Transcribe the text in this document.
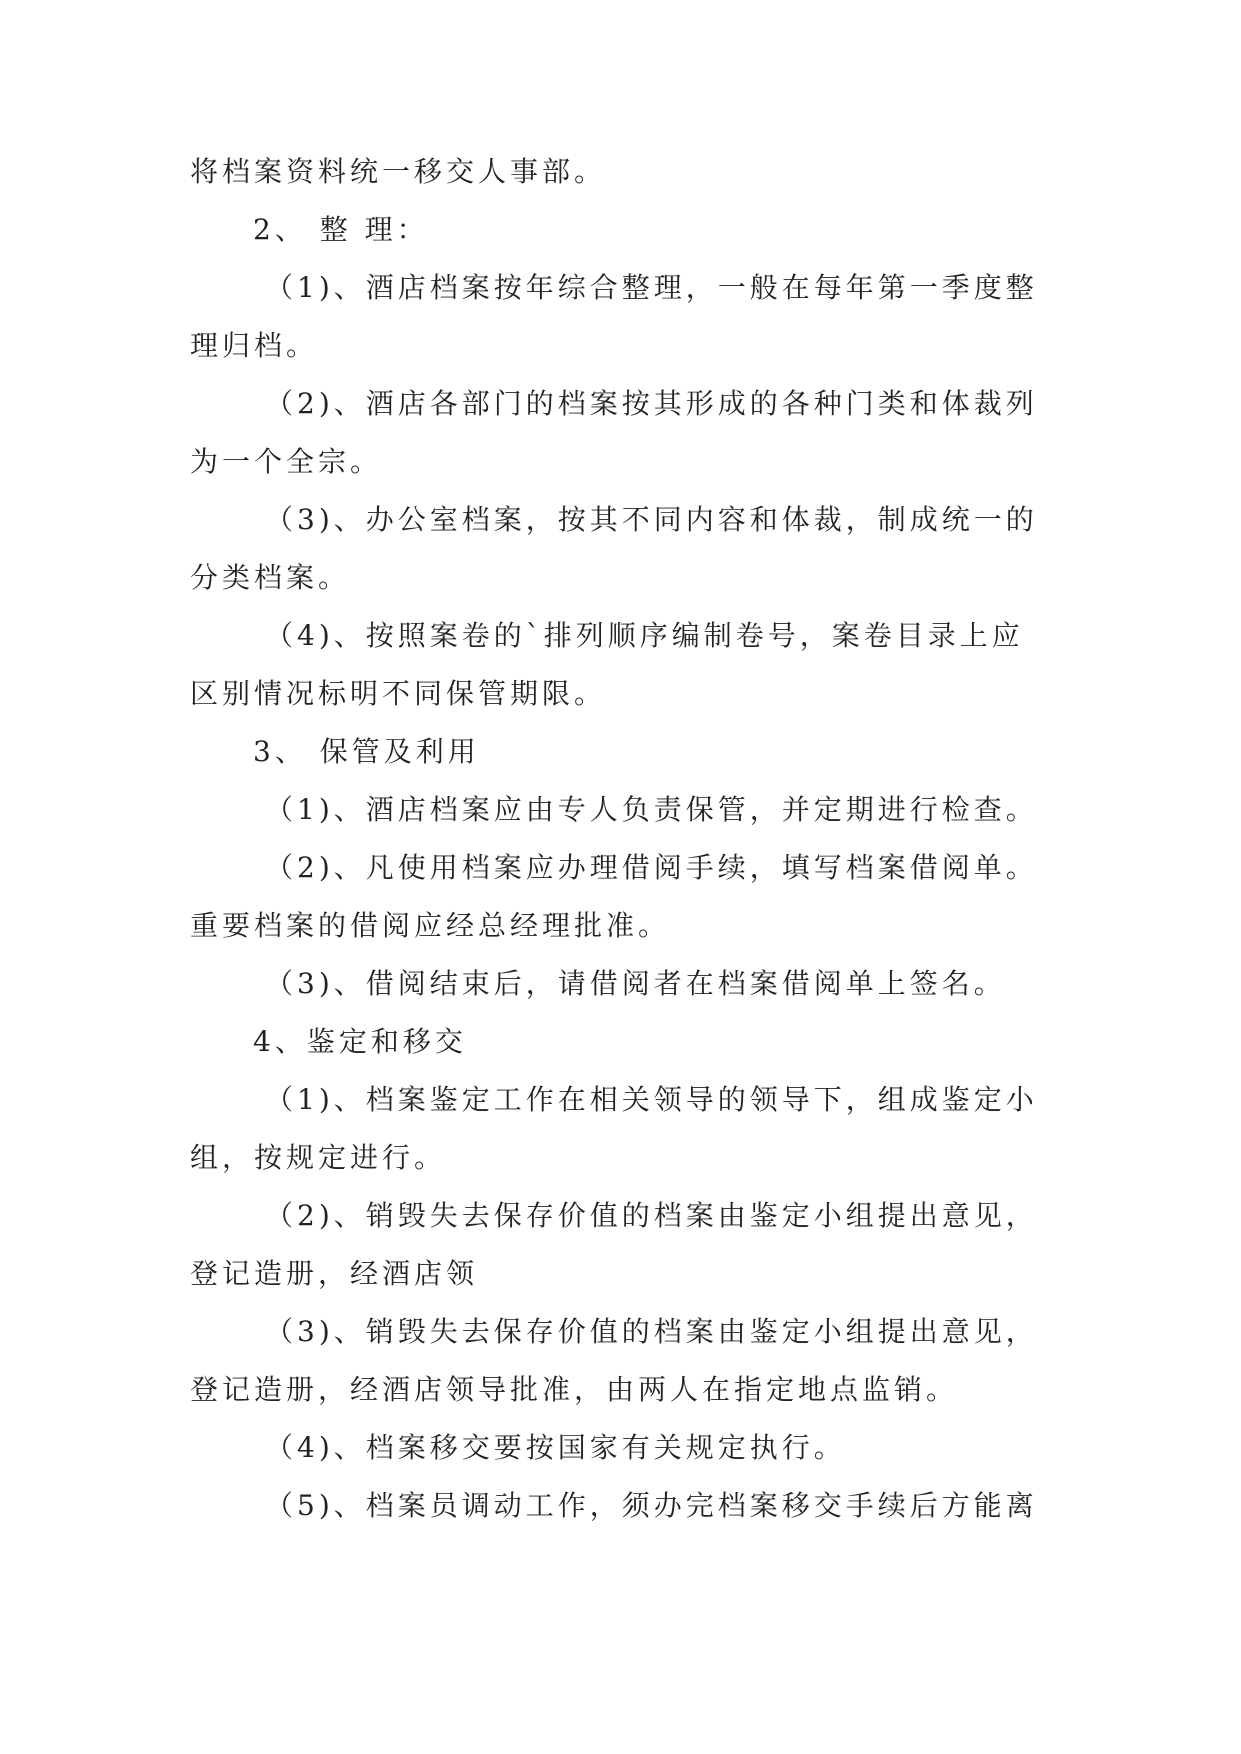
将档案资料统一移交人事部。
2、 整 理：
（1)、酒店档案按年综合整理，一般在每年第一季度整
理归档。
（2)、酒店各部门的档案按其形成的各种门类和体裁列
为一个全宗。
（3)、办公室档案，按其不同内容和体裁，制成统一的
分类档案。
（4)、按照案卷的`排列顺序编制卷号，案卷目录上应
区别情况标明不同保管期限。
3、 保管及利用
（1)、酒店档案应由专人负责保管，并定期进行检查。
（2)、凡使用档案应办理借阅手续，填写档案借阅单。
重要档案的借阅应经总经理批准。
（3)、借阅结束后，请借阅者在档案借阅单上签名。
4、鉴定和移交
（1)、档案鉴定工作在相关领导的领导下，组成鉴定小
组，按规定进行。
（2)、销毁失去保存价值的档案由鉴定小组提出意见，
登记造册，经酒店领
（3)、销毁失去保存价值的档案由鉴定小组提出意见，
登记造册，经酒店领导批准，由两人在指定地点监销。
（4)、档案移交要按国家有关规定执行。
（5)、档案员调动工作，须办完档案移交手续后方能离
